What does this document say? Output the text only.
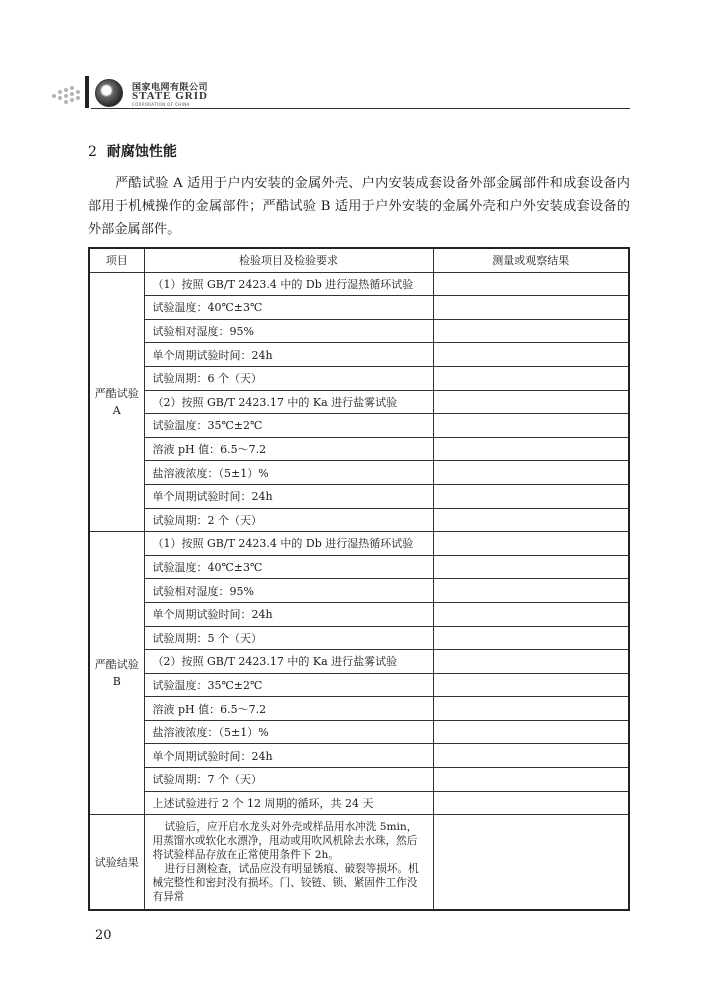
国家电网有限公司
STATE GRID
CORPORATION OF CHINA
2 耐腐蚀性能
严酷试验 A 适用于户内安装的金属外壳、户内安装成套设备外部金属部件和成套设备内部用于机械操作的金属部件；严酷试验 B 适用于户外安装的金属外壳和户外安装成套设备的外部金属部件。
项目	检验项目及检验要求	测量或观察结果
严酷试验 A	（1）按照 GB/T 2423.4 中的 Db 进行湿热循环试验	
	试验温度：40℃±3℃	
	试验相对湿度：95%	
	单个周期试验时间：24h	
	试验周期：6 个（天）	
	（2）按照 GB/T 2423.17 中的 Ka 进行盐雾试验	
	试验温度：35℃±2℃	
	溶液 pH 值：6.5～7.2	
	盐溶液浓度：（5±1）%	
	单个周期试验时间：24h	
	试验周期：2 个（天）	
严酷试验 B	（1）按照 GB/T 2423.4 中的 Db 进行湿热循环试验	
	试验温度：40℃±3℃	
	试验相对湿度：95%	
	单个周期试验时间：24h	
	试验周期：5 个（天）	
	（2）按照 GB/T 2423.17 中的 Ka 进行盐雾试验	
	试验温度：35℃±2℃	
	溶液 pH 值：6.5～7.2	
	盐溶液浓度：（5±1）%	
	单个周期试验时间：24h	
	试验周期：7 个（天）	
	上述试验进行 2 个 12 周期的循环，共 24 天	
试验结果	试验后，应开启水龙头对外壳或样品用水冲洗 5min，用蒸馏水或软化水漂净，甩动或用吹风机除去水珠，然后将试验样品存放在正常使用条件下 2h。

进行目测检查，试品应没有明显锈痕、破裂等损坏。机械完整性和密封没有损坏。门、铰链、锁、紧固件工作没有异常	

20
